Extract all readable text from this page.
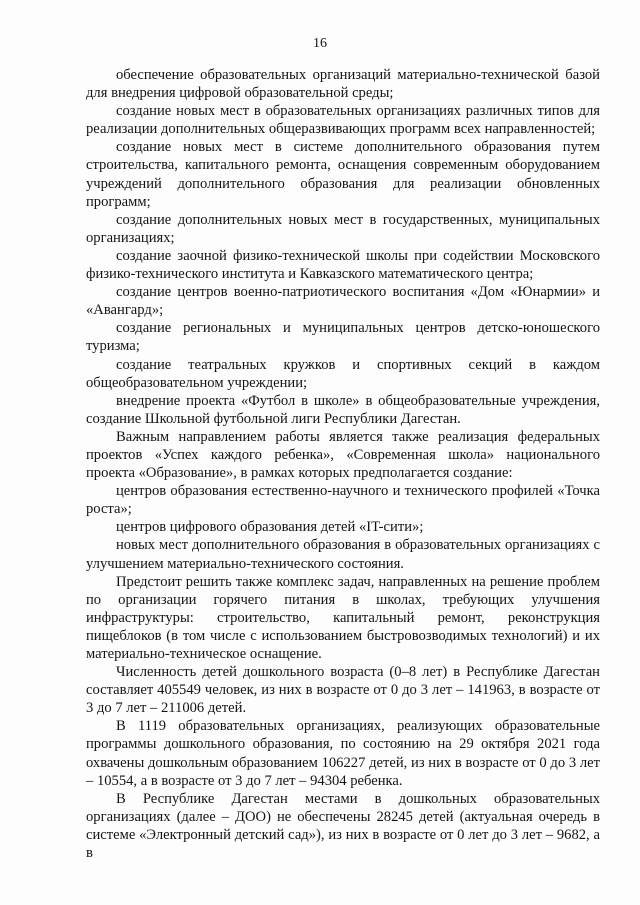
16

обеспечение образовательных организаций материально-технической базой для внедрения цифровой образовательной среды;

создание новых мест в образовательных организациях различных типов для реализации дополнительных общеразвивающих программ всех направленностей;

создание новых мест в системе дополнительного образования путем строительства, капитального ремонта, оснащения современным оборудованием учреждений дополнительного образования для реализации обновленных программ;

создание дополнительных новых мест в государственных, муниципальных организациях;

создание заочной физико-технической школы при содействии Московского физико-технического института и Кавказского математического центра;

создание центров военно-патриотического воспитания «Дом «Юнармии» и «Авангард»;

создание региональных и муниципальных центров детско-юношеского туризма;

создание театральных кружков и спортивных секций в каждом общеобразовательном учреждении;

внедрение проекта «Футбол в школе» в общеобразовательные учреждения, создание Школьной футбольной лиги Республики Дагестан.

Важным направлением работы является также реализация федеральных проектов «Успех каждого ребенка», «Современная школа» национального проекта «Образование», в рамках которых предполагается создание:

центров образования естественно-научного и технического профилей «Точка роста»;

центров цифрового образования детей «IT-сити»;

новых мест дополнительного образования в образовательных организациях с улучшением материально-технического состояния.

Предстоит решить также комплекс задач, направленных на решение проблем по организации горячего питания в школах, требующих улучшения инфраструктуры: строительство, капитальный ремонт, реконструкция пищеблоков (в том числе с использованием быстровозводимых технологий) и их материально-техническое оснащение.

Численность детей дошкольного возраста (0–8 лет) в Республике Дагестан составляет 405549 человек, из них в возрасте от 0 до 3 лет – 141963, в возрасте от 3 до 7 лет – 211006 детей.

В 1119 образовательных организациях, реализующих образовательные программы дошкольного образования, по состоянию на 29 октября 2021 года охвачены дошкольным образованием 106227 детей, из них в возрасте от 0 до 3 лет – 10554, а в возрасте от 3 до 7 лет – 94304 ребенка.

В Республике Дагестан местами в дошкольных образовательных организациях (далее – ДОО) не обеспечены 28245 детей (актуальная очередь в системе «Электронный детский сад»), из них в возрасте от 0 лет до 3 лет – 9682, а в
